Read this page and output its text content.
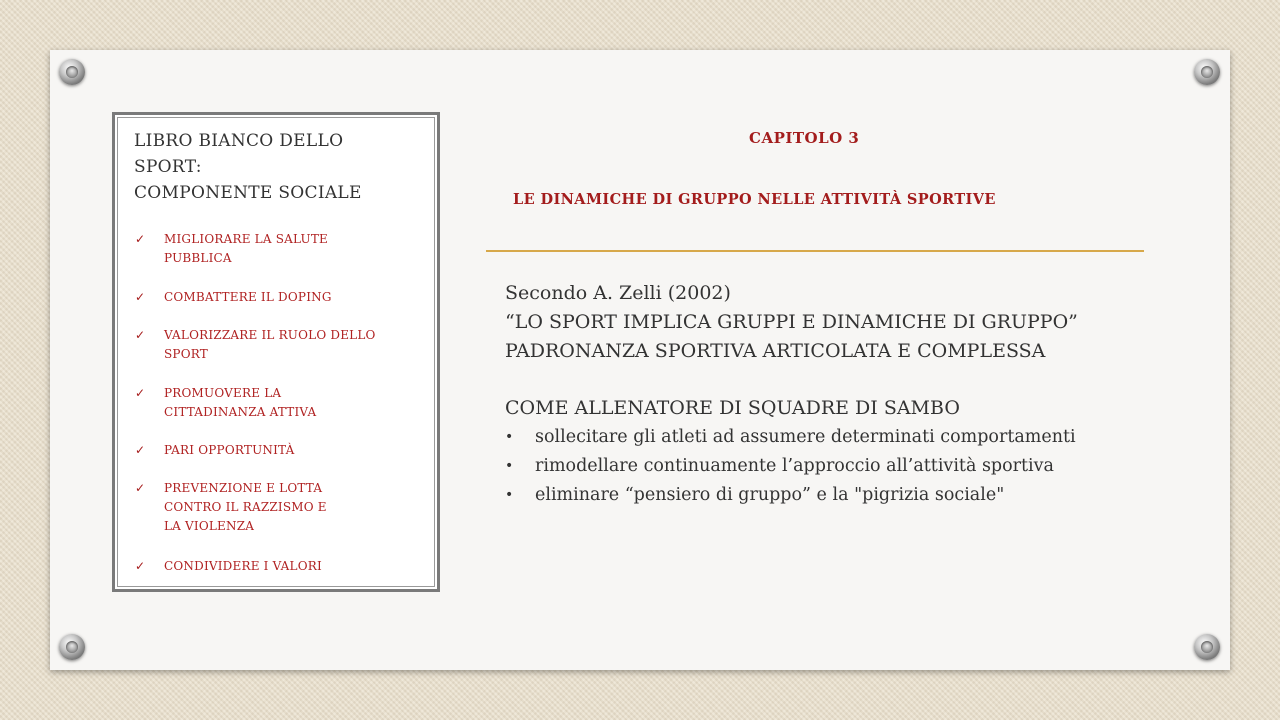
LIBRO BIANCO DELLO
SPORT:
COMPONENTE SOCIALE
✓ MIGLIORARE LA SALUTE
PUBBLICA
✓ COMBATTERE IL DOPING
✓ VALORIZZARE IL RUOLO DELLO
SPORT
✓ PROMUOVERE LA
CITTADINANZA ATTIVA
✓ PARI OPPORTUNITÀ
✓ PREVENZIONE E LOTTA
CONTRO IL RAZZISMO E
LA VIOLENZA
✓ CONDIVIDERE I VALORI
CAPITOLO 3
LE DINAMICHE DI GRUPPO NELLE ATTIVITÀ SPORTIVE
Secondo A. Zelli (2002)
“LO SPORT IMPLICA GRUPPI E DINAMICHE DI GRUPPO”
PADRONANZA SPORTIVA ARTICOLATA E COMPLESSA
COME ALLENATORE DI SQUADRE DI SAMBO
• sollecitare gli atleti ad assumere determinati comportamenti
• rimodellare continuamente l’approccio all’attività sportiva
• eliminare “pensiero di gruppo” e la "pigrizia sociale"
